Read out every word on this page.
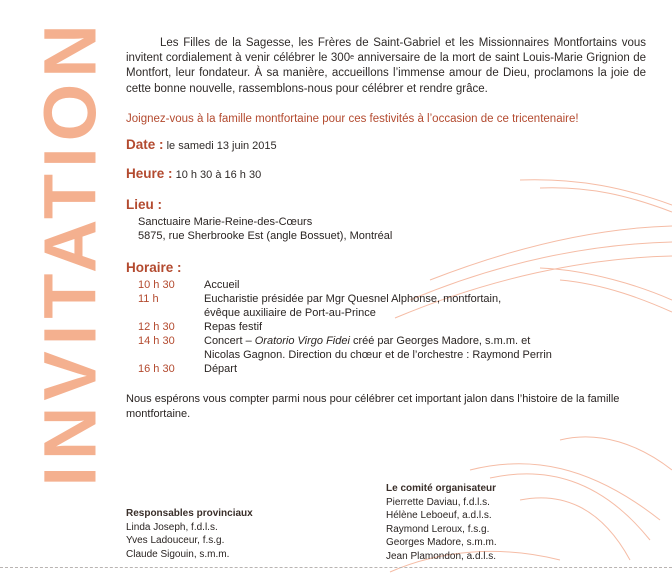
INVITATION	Les Filles de la Sagesse, les Frères de Saint-Gabriel et les Missionnaires Montfortains vous invitent cordialement à venir célébrer le 300e anniversaire de la mort de saint Louis-Marie Grignion de Montfort, leur fondateur. À sa manière, accueillons l’immense amour de Dieu, proclamons la joie de cette bonne nouvelle, rassemblons-nous pour célébrer et rendre grâce.

Joignez-vous à la famille montfortaine pour ces festivités à l’occasion de ce tricentenaire!

Date : le samedi 13 juin 2015
Heure : 10 h 30 à 16 h 30
Lieu :
Sanctuaire Marie-Reine-des-Cœurs
5875, rue Sherbrooke Est (angle Bossuet), Montréal
Horaire :
10 h 30	Accueil
11 h	Eucharistie présidée par Mgr Quesnel Alphonse, montfortain,
évêque auxiliaire de Port-au-Prince
12 h 30	Repas festif
14 h 30	Concert – Oratorio Virgo Fidei créé par Georges Madore, s.m.m. et
Nicolas Gagnon. Direction du chœur et de l’orchestre : Raymond Perrin
16 h 30	Départ

Nous espérons vous compter parmi nous pour célébrer cet important jalon dans l’histoire de la famille montfortaine.

Responsables provinciaux
Linda Joseph, f.d.l.s.
Yves Ladouceur, f.s.g.
Claude Sigouin, s.m.m.
Le comité organisateur
Pierrette Daviau, f.d.l.s.
Hélène Leboeuf, a.d.l.s.
Raymond Leroux, f.s.g.
Georges Madore, s.m.m.
Jean Plamondon, a.d.l.s.
